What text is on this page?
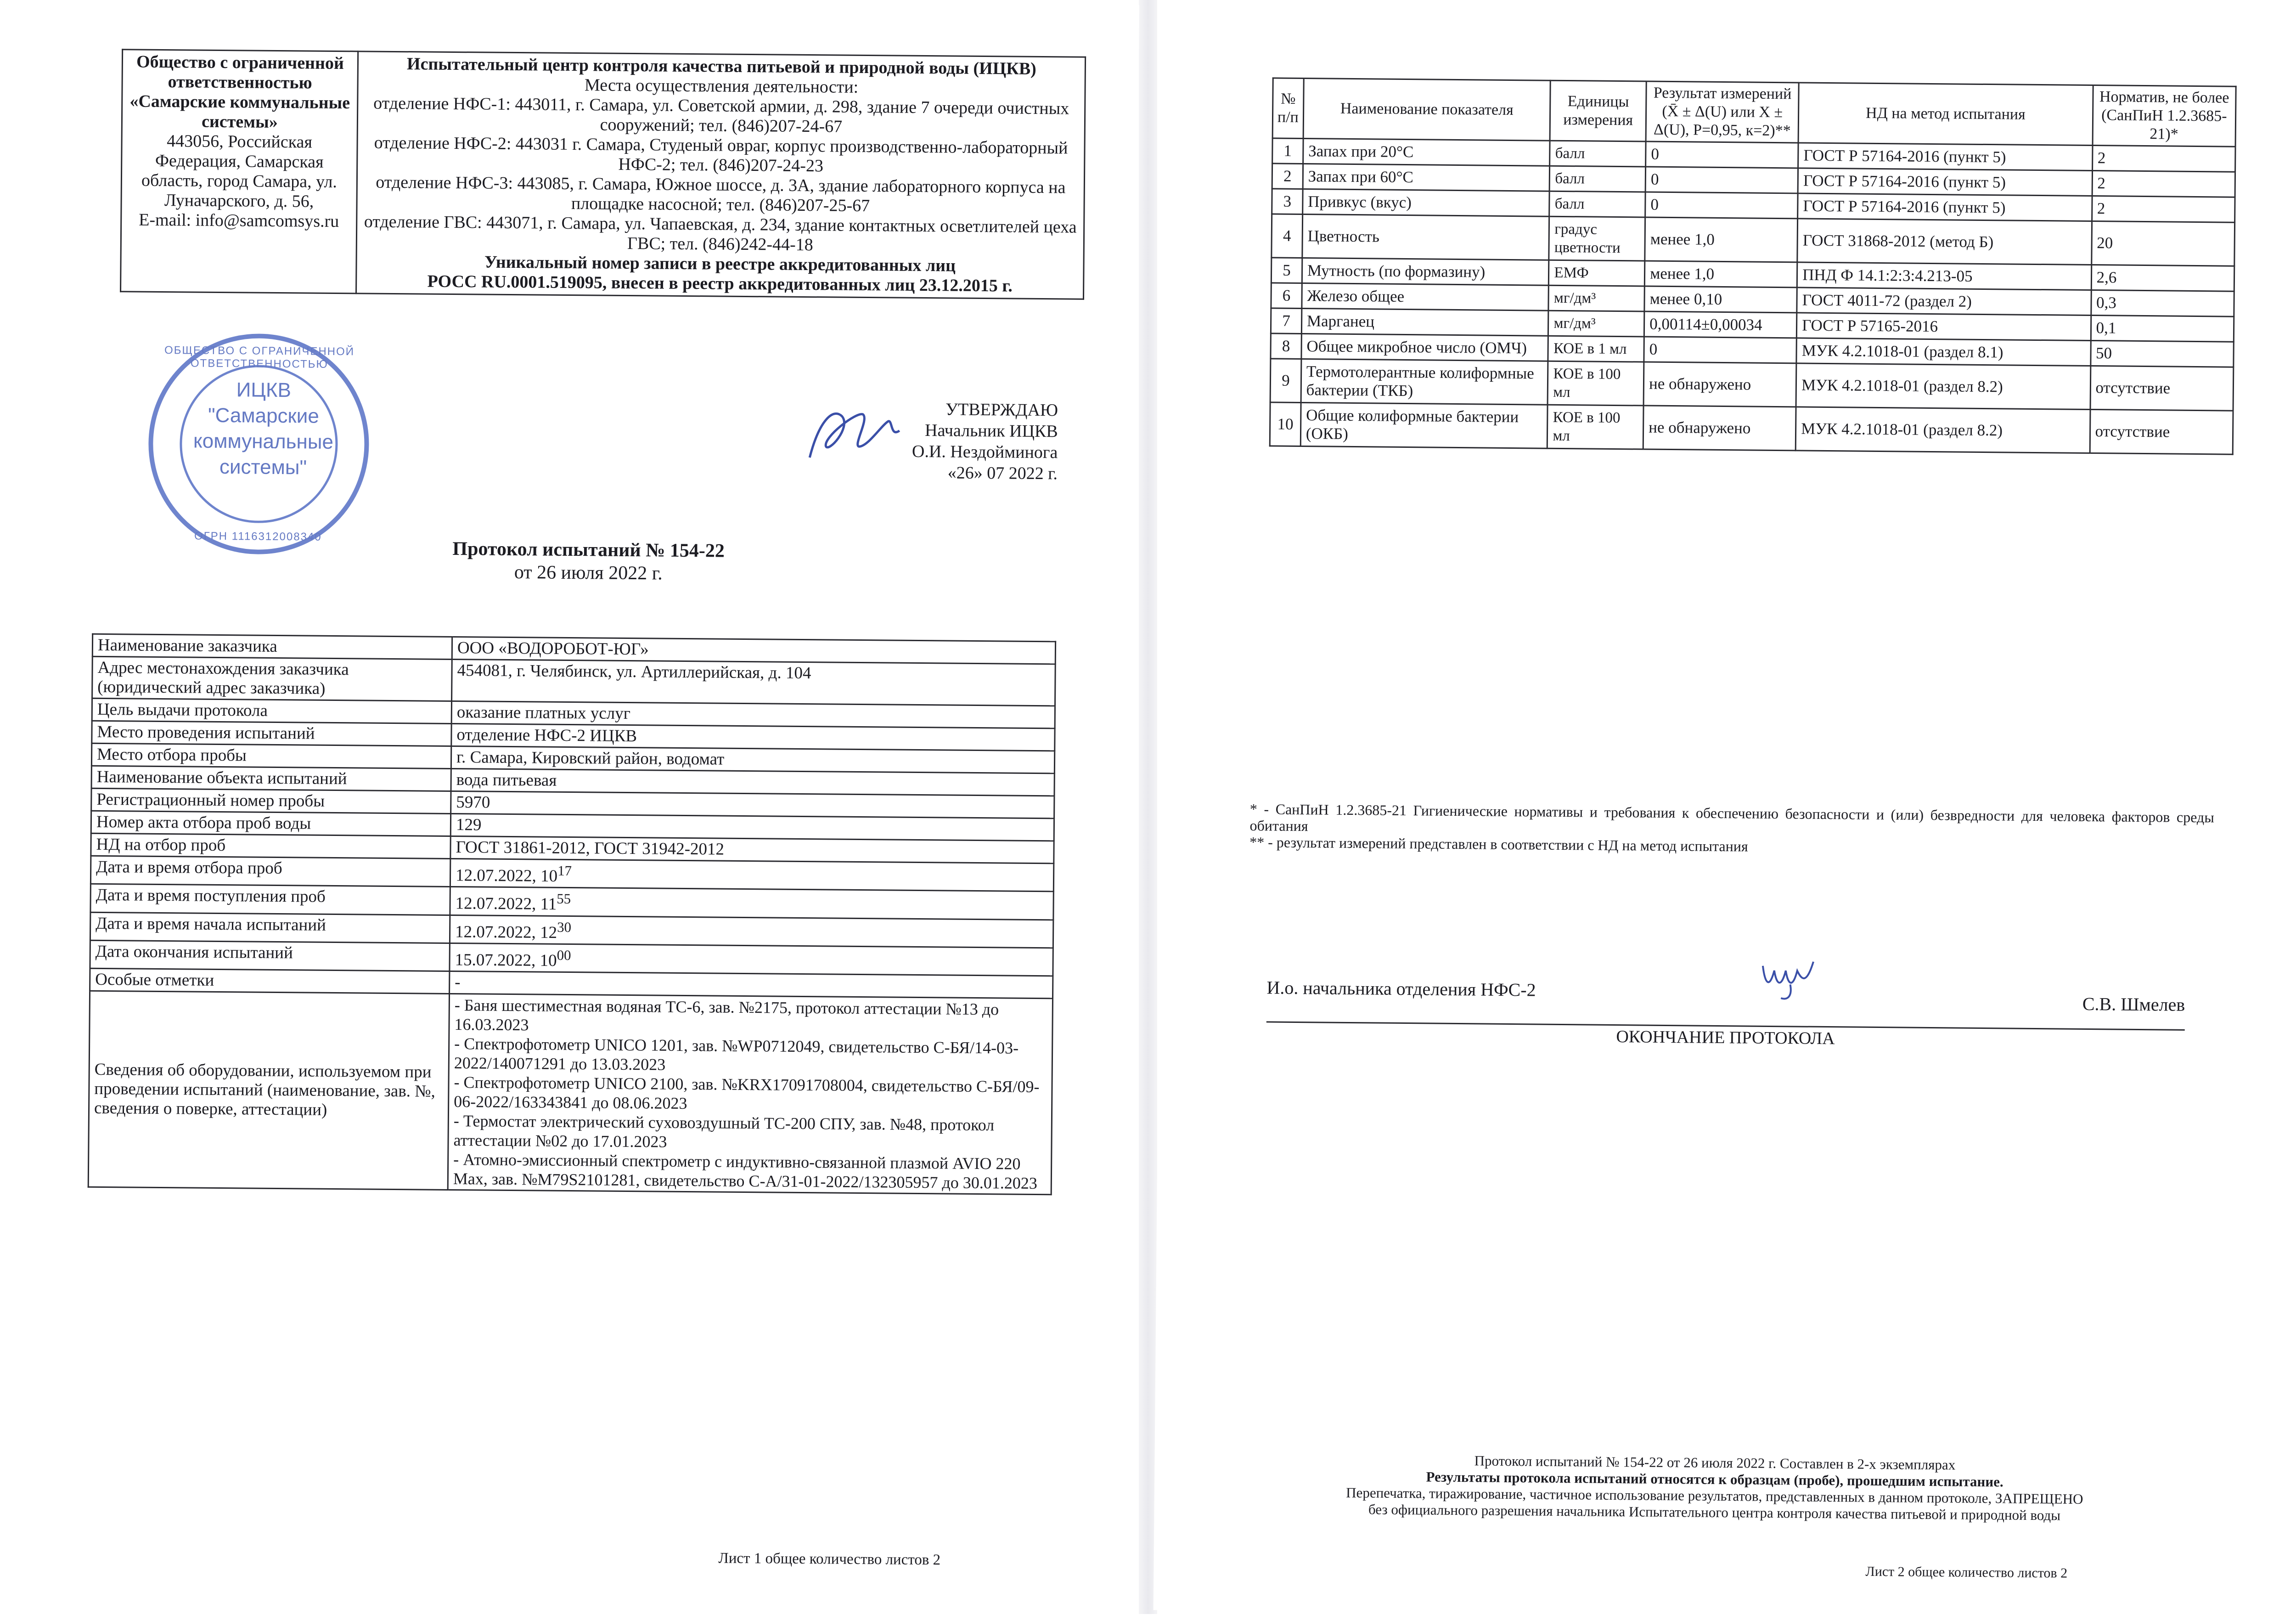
Общество с ограниченной ответственностью «Самарские коммунальные системы»
443056, Российская Федерация, Самарская область, город Самара, ул. Луначарского, д. 56,
E-mail: info@samcomsys.ru

Испытательный центр контроля качества питьевой и природной воды (ИЦКВ)
Места осуществления деятельности:
отделение НФС-1: 443011, г. Самара, ул. Советской армии, д. 298, здание 7 очереди очистных сооружений; тел. (846)207-24-67
отделение НФС-2: 443031 г. Самара, Студеный овраг, корпус производственно-лабораторный НФС-2; тел. (846)207-24-23
отделение НФС-3: 443085, г. Самара, Южное шоссе, д. 3А, здание лабораторного корпуса на площадке насосной; тел. (846)207-25-67
отделение ГВС: 443071, г. Самара, ул. Чапаевская, д. 234, здание контактных осветлителей цеха ГВС; тел. (846)242-44-18
Уникальный номер записи в реестре аккредитованных лиц
РОСС RU.0001.519095, внесен в реестр аккредитованных лиц 23.12.2015 г.
ОБЩЕСТВО С ОГРАНИЧЕННОЙ ОТВЕТСТВЕННОСТЬЮ
ОГРН 1116312008340
ИЦКВ
"Самарские
коммунальные
системы"
УТВЕРЖДАЮ
Начальник ИЦКВ
О.И. Нездойминога
«26» 07 2022 г.
Протокол испытаний № 154-22
от 26 июля 2022 г.
Наименование заказчика	ООО «ВОДОРОБОТ-ЮГ»
Адрес местонахождения заказчика (юридический адрес заказчика)	454081, г. Челябинск, ул. Артиллерийская, д. 104
Цель выдачи протокола	оказание платных услуг
Место проведения испытаний	отделение НФС-2 ИЦКВ
Место отбора пробы	г. Самара, Кировский район, водомат
Наименование объекта испытаний	вода питьевая
Регистрационный номер пробы	5970
Номер акта отбора проб воды	129
НД на отбор проб	ГОСТ 31861-2012, ГОСТ 31942-2012
Дата и время отбора проб	12.07.2022, $10^{17}$
Дата и время поступления проб	12.07.2022, $11^{55}$
Дата и время начала испытаний	12.07.2022, $12^{30}$
Дата окончания испытаний	15.07.2022, $10^{00}$
Особые отметки	-
Сведения об оборудовании, используемом при проведении испытаний (наименование, зав. №, сведения о поверке, аттестации)	- Баня шестиместная водяная ТС-6, зав. №2175, протокол аттестации №13 до 16.03.2023
- Спектрофотометр UNICO 1201, зав. №WP0712049, свидетельство С-БЯ/14-03-2022/140071291 до 13.03.2023
- Спектрофотометр UNICO 2100, зав. №KRX17091708004, свидетельство С-БЯ/09-06-2022/163343841 до 08.06.2023
- Термостат электрический суховоздушный ТС-200 СПУ, зав. №48, протокол аттестации №02 до 17.01.2023
- Атомно-эмиссионный спектрометр с индуктивно-связанной плазмой AVIO 220 Max, зав. №M79S2101281, свидетельство С-А/31-01-2022/132305957 до 30.01.2023
Лист 1 общее количество листов 2
№ п/п	Наименование показателя	Единицы измерения	Результат измерений (X̄ ± Δ(U) или X ± Δ(U), P=0,95, к=2)**	НД на метод испытания	Норматив, не более (СанПиН 1.2.3685-21)*
1	Запах при 20°C	балл	0	ГОСТ Р 57164-2016 (пункт 5)	2
2	Запах при 60°C	балл	0	ГОСТ Р 57164-2016 (пункт 5)	2
3	Привкус (вкус)	балл	0	ГОСТ Р 57164-2016 (пункт 5)	2
4	Цветность	градус цветности	менее 1,0	ГОСТ 31868-2012 (метод Б)	20
5	Мутность (по формазину)	ЕМФ	менее 1,0	ПНД Ф 14.1:2:3:4.213-05	2,6
6	Железо общее	мг/дм³	менее 0,10	ГОСТ 4011-72 (раздел 2)	0,3
7	Марганец	мг/дм³	0,00114±0,00034	ГОСТ Р 57165-2016	0,1
8	Общее микробное число (ОМЧ)	КОЕ в 1 мл	0	МУК 4.2.1018-01 (раздел 8.1)	50
9	Термотолерантные колиформные бактерии (ТКБ)	КОЕ в 100 мл	не обнаружено	МУК 4.2.1018-01 (раздел 8.2)	отсутствие
10	Общие колиформные бактерии (ОКБ)	КОЕ в 100 мл	не обнаружено	МУК 4.2.1018-01 (раздел 8.2)	отсутствие
* - СанПиН 1.2.3685-21 Гигиенические нормативы и требования к обеспечению безопасности и (или) безвредности для человека факторов среды обитания
** - результат измерений представлен в соответствии с НД на метод испытания
И.о. начальника отделения НФС-2
С.В. Шмелев
ОКОНЧАНИЕ ПРОТОКОЛА
Протокол испытаний № 154-22 от 26 июля 2022 г. Составлен в 2-х экземплярах
Результаты протокола испытаний относятся к образцам (пробе), прошедшим испытание.
Перепечатка, тиражирование, частичное использование результатов, представленных в данном протоколе, ЗАПРЕЩЕНО
без официального разрешения начальника Испытательного центра контроля качества питьевой и природной воды
Лист 2 общее количество листов 2
